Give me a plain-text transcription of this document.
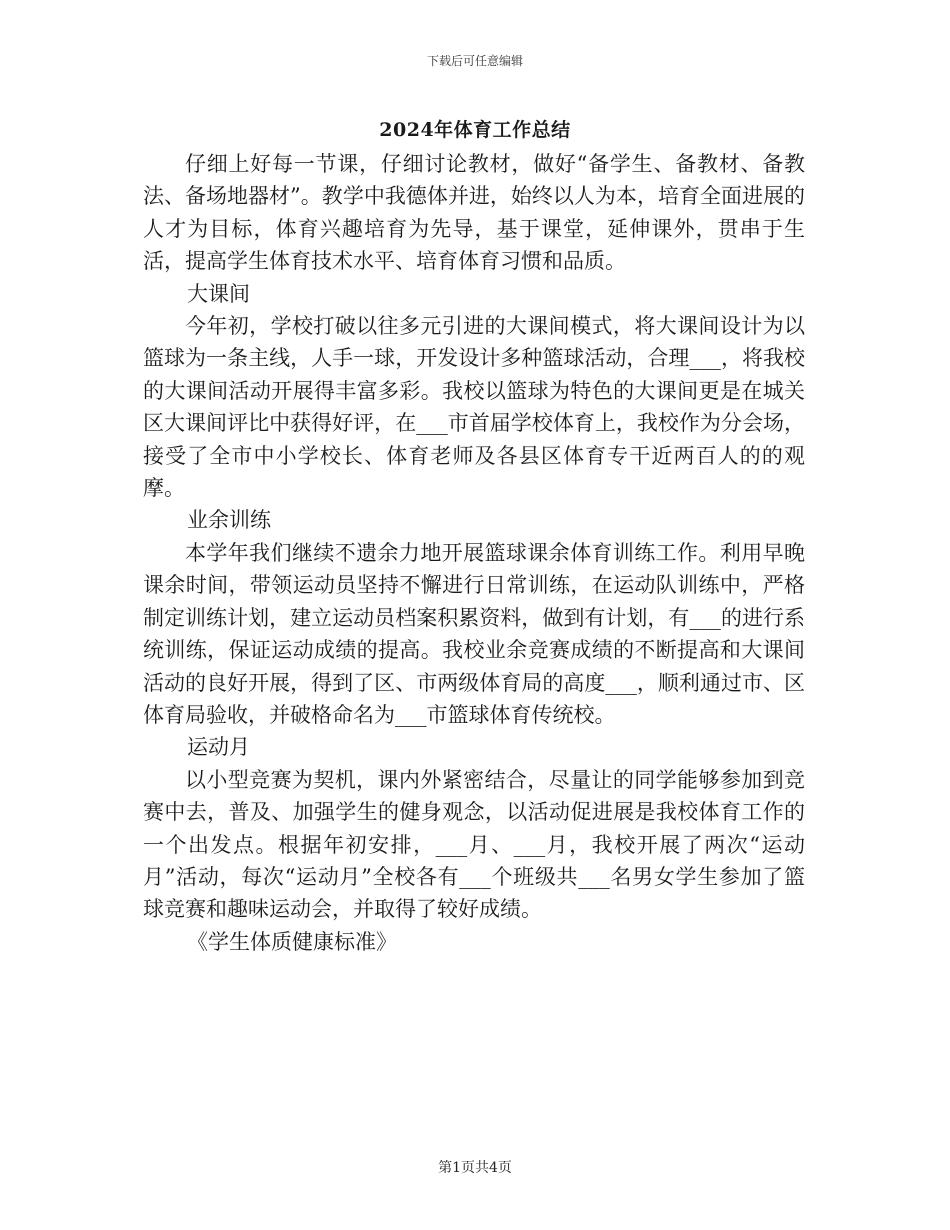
下载后可任意编辑
2024年体育工作总结

仔细上好每一节课，仔细讨论教材，做好“备学生、备教材、备教法、备场地器材”。教学中我德体并进，始终以人为本，培育全面进展的人才为目标，体育兴趣培育为先导，基于课堂，延伸课外，贯串于生活，提高学生体育技术水平、培育体育习惯和品质。

大课间

今年初，学校打破以往多元引进的大课间模式，将大课间设计为以篮球为一条主线，人手一球，开发设计多种篮球活动，合理___，将我校的大课间活动开展得丰富多彩。我校以篮球为特色的大课间更是在城关区大课间评比中获得好评，在___市首届学校体育上，我校作为分会场，接受了全市中小学校长、体育老师及各县区体育专干近两百人的的观摩。

业余训练

本学年我们继续不遗余力地开展篮球课余体育训练工作。利用早晚课余时间，带领运动员坚持不懈进行日常训练，在运动队训练中，严格制定训练计划，建立运动员档案积累资料，做到有计划，有___的进行系统训练，保证运动成绩的提高。我校业余竞赛成绩的不断提高和大课间活动的良好开展，得到了区、市两级体育局的高度___，顺利通过市、区体育局验收，并破格命名为___市篮球体育传统校。

运动月

以小型竞赛为契机，课内外紧密结合，尽量让的同学能够参加到竞赛中去，普及、加强学生的健身观念，以活动促进展是我校体育工作的一个出发点。根据年初安排，___月、___月，我校开展了两次“运动月”活动，每次“运动月”全校各有___个班级共___名男女学生参加了篮球竞赛和趣味运动会，并取得了较好成绩。

《学生体质健康标准》

第1页共4页
